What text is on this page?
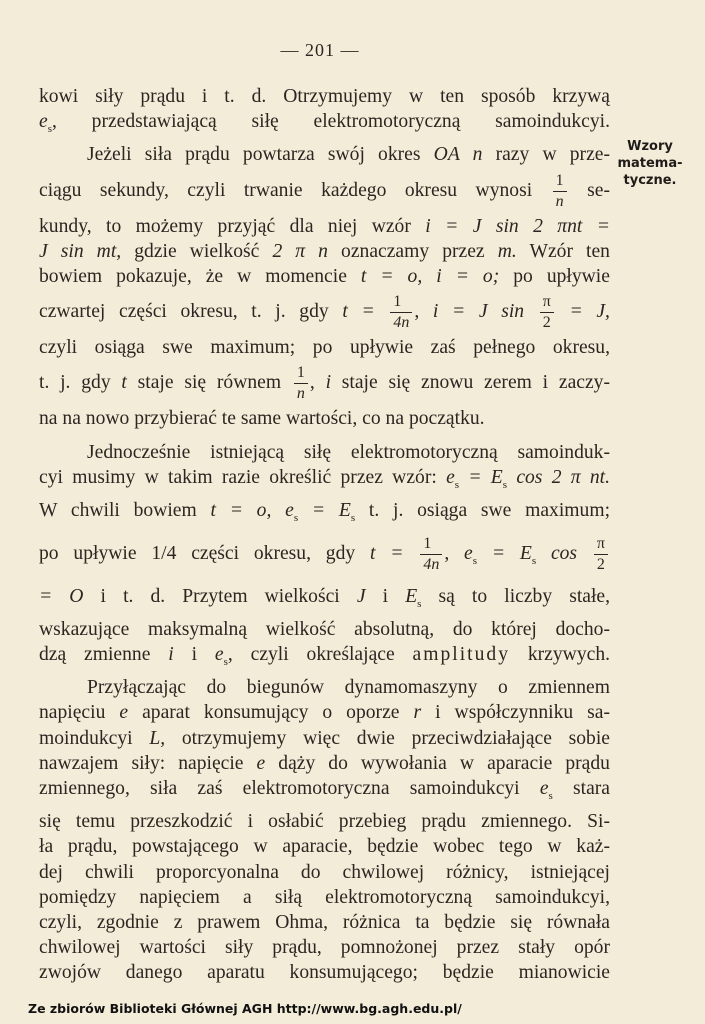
— 201 —
Wzory
matema-
tyczne.
kowi siły prądu i t. d. Otrzymujemy w ten sposób krzywą
$e_s$, przedstawiającą siłę elektromotoryczną samoindukcyi.
Jeżeli siła prądu powtarza swój okres OA n razy w prze-
ciągu sekundy, czyli trwanie każdego okresu wynosi $\frac{1}{n} se-$
kundy, to możemy przyjąć dla niej wzór i = J sin 2 πnt =
J sin mt, gdzie wielkość 2 π n oznaczamy przez m. Wzór ten
bowiem pokazuje, że w momencie t = o, i = o; po upływie
czwartej części okresu, t. j. gdy $t = \frac{1}{4n}$ , i = J $\sin \frac{\pi}{2} = J$,
czyli osiąga swe maximum; po upływie zaś pełnego okresu,
t. j. gdy t staje się równem $\frac{1}{n}$ , i staje się znowu zerem i zaczy-
na na nowo przybierać te same wartości, co na początku.
Jednocześnie istniejącą siłę elektromotoryczną samoinduk-
cyi musimy w takim razie określić przez wzór: $e_s = E_s$ cos 2 π nt.
W chwili bowiem t = o, $e_s = E_s$ t. j. osiąga swe maximum;
po upływie 1/4 części okresu, gdy $t = \frac{1}{4n}$ , $e_s = E_s$ $\cos \frac{\pi}{2}$
= O i t. d. Przytem wielkości J i $E_s$ są to liczby stałe,
wskazujące maksymalną wielkość absolutną, do której docho-
dzą zmienne i i $e_s$, czyli określające amplitudy krzywych.
Przyłączając do biegunów dynamomaszyny o zmiennem
napięciu e aparat konsumujący o oporze r i współczynniku sa-
moindukcyi L, otrzymujemy więc dwie przeciwdziałające sobie
nawzajem siły: napięcie e dąży do wywołania w aparacie prądu
zmiennego, siła zaś elektromotoryczna samoindukcyi $e_s$ stara
się temu przeszkodzić i osłabić przebieg prądu zmiennego. Si-
ła prądu, powstającego w aparacie, będzie wobec tego w każ-
dej chwili proporcyonalna do chwilowej różnicy, istniejącej
pomiędzy napięciem a siłą elektromotoryczną samoindukcyi,
czyli, zgodnie z prawem Ohma, różnica ta będzie się równała
chwilowej wartości siły prądu, pomnożonej przez stały opór
zwojów danego aparatu konsumującego; będzie mianowicie
Ze zbiorów Biblioteki Głównej AGH http://www.bg.agh.edu.pl/
